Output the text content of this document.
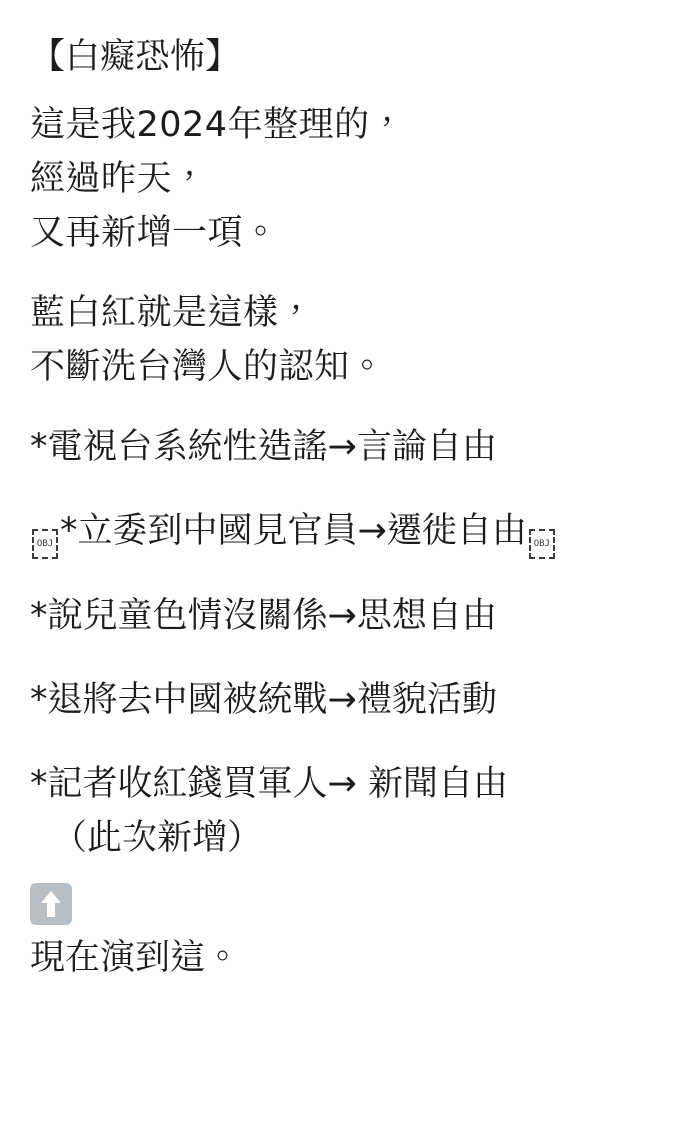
【白癡恐怖】
這是我2024年整理的，
經過昨天，
又再新增一項。
藍白紅就是這樣，
不斷洗台灣人的認知。
*電視台系統性造謠→言論自由
OBJ *立委到中國見官員→遷徙自由 OBJ
*說兒童色情沒關係→思想自由
*退將去中國被統戰→禮貌活動
*記者收紅錢買軍人→ 新聞自由
（此次新增）
現在演到這。
